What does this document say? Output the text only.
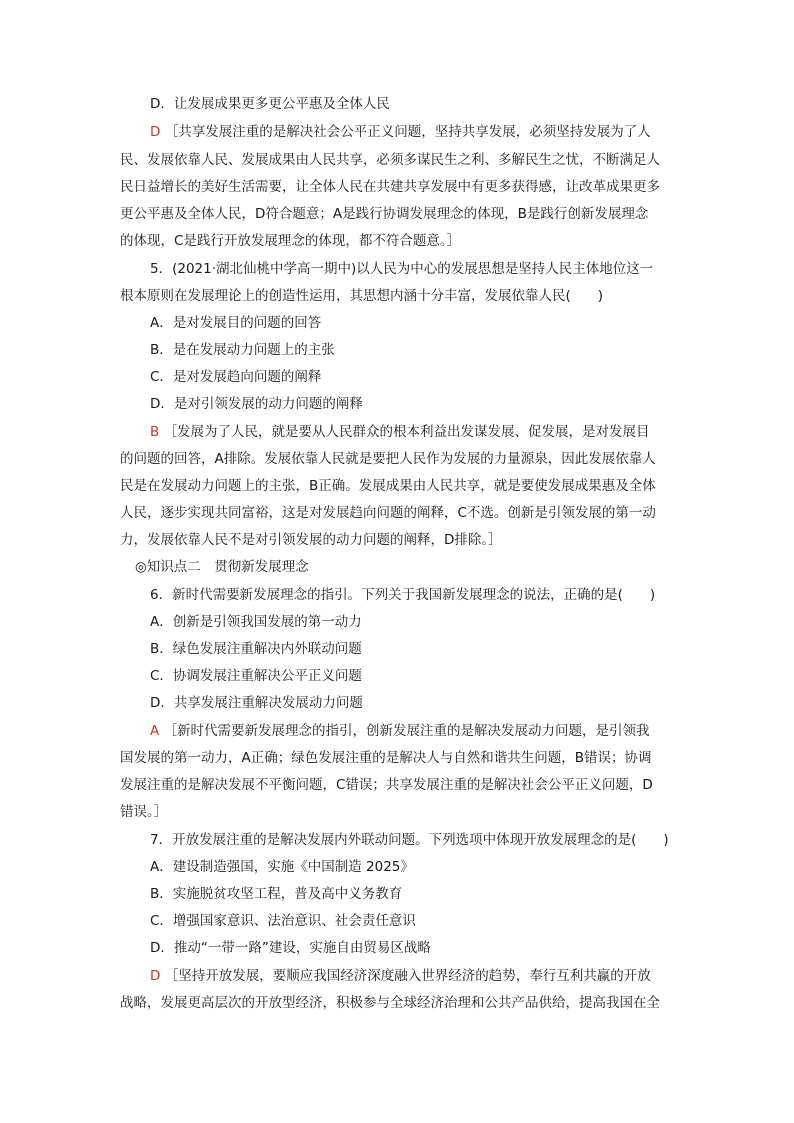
D．让发展成果更多更公平惠及全体人民
D ［共享发展注重的是解决社会公平正义问题，坚持共享发展，必须坚持发展为了人
民、发展依靠人民、发展成果由人民共享，必须多谋民生之利、多解民生之忧，不断满足人
民日益增长的美好生活需要，让全体人民在共建共享发展中有更多获得感，让改革成果更多
更公平惠及全体人民，D符合题意；A是践行协调发展理念的体现，B是践行创新发展理念
的体现，C是践行开放发展理念的体现，都不符合题意。］
5．(2021·湖北仙桃中学高一期中)以人民为中心的发展思想是坚持人民主体地位这一
根本原则在发展理论上的创造性运用，其思想内涵十分丰富，发展依靠人民(　　)
A．是对发展目的问题的回答
B．是在发展动力问题上的主张
C．是对发展趋向问题的阐释
D．是对引领发展的动力问题的阐释
B ［发展为了人民，就是要从人民群众的根本利益出发谋发展、促发展，是对发展目
的问题的回答，A排除。发展依靠人民就是要把人民作为发展的力量源泉，因此发展依靠人
民是在发展动力问题上的主张，B正确。发展成果由人民共享，就是要使发展成果惠及全体
人民，逐步实现共同富裕，这是对发展趋向问题的阐释，C不选。创新是引领发展的第一动
力，发展依靠人民不是对引领发展的动力问题的阐释，D排除。］
◎知识点二　贯彻新发展理念
6．新时代需要新发展理念的指引。下列关于我国新发展理念的说法，正确的是(　　)
A．创新是引领我国发展的第一动力
B．绿色发展注重解决内外联动问题
C．协调发展注重解决公平正义问题
D．共享发展注重解决发展动力问题
A ［新时代需要新发展理念的指引，创新发展注重的是解决发展动力问题，是引领我
国发展的第一动力，A正确；绿色发展注重的是解决人与自然和谐共生问题，B错误；协调
发展注重的是解决发展不平衡问题，C错误；共享发展注重的是解决社会公平正义问题，D
错误。］
7．开放发展注重的是解决发展内外联动问题。下列选项中体现开放发展理念的是(　　)
A．建设制造强国，实施《中国制造 2025》
B．实施脱贫攻坚工程，普及高中义务教育
C．增强国家意识、法治意识、社会责任意识
D．推动“一带一路”建设，实施自由贸易区战略
D ［坚持开放发展，要顺应我国经济深度融入世界经济的趋势，奉行互利共赢的开放
战略，发展更高层次的开放型经济，积极参与全球经济治理和公共产品供给，提高我国在全
